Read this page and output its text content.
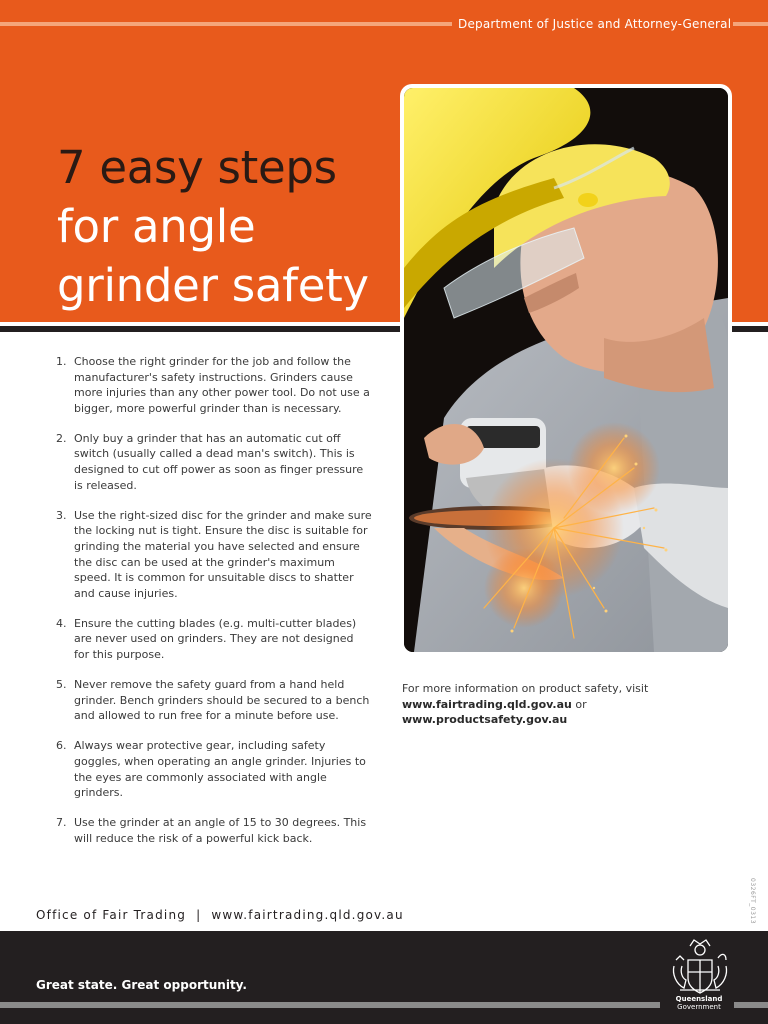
Department of Justice and Attorney-General
7 easy steps
for angle
grinder safety
1. Choose the right grinder for the job and follow the manufacturer's safety instructions. Grinders cause more injuries than any other power tool. Do not use a bigger, more powerful grinder than is necessary.
2. Only buy a grinder that has an automatic cut off switch (usually called a dead man's switch). This is designed to cut off power as soon as finger pressure is released.
3. Use the right-sized disc for the grinder and make sure the locking nut is tight. Ensure the disc is suitable for grinding the material you have selected and ensure the disc can be used at the grinder's maximum speed. It is common for unsuitable discs to shatter and cause injuries.
4. Ensure the cutting blades (e.g. multi-cutter blades) are never used on grinders. They are not designed for this purpose.
5. Never remove the safety guard from a hand held grinder. Bench grinders should be secured to a bench and allowed to run free for a minute before use.
6. Always wear protective gear, including safety goggles, when operating an angle grinder. Injuries to the eyes are commonly associated with angle grinders.
7. Use the grinder at an angle of 15 to 30 degrees. This will reduce the risk of a powerful kick back.
For more information on product safety, visit
www.fairtrading.qld.gov.au or
www.productsafety.gov.au
0326FT_0313
Office of Fair Trading | www.fairtrading.qld.gov.au
Great state. Great opportunity.
Queensland
Government
